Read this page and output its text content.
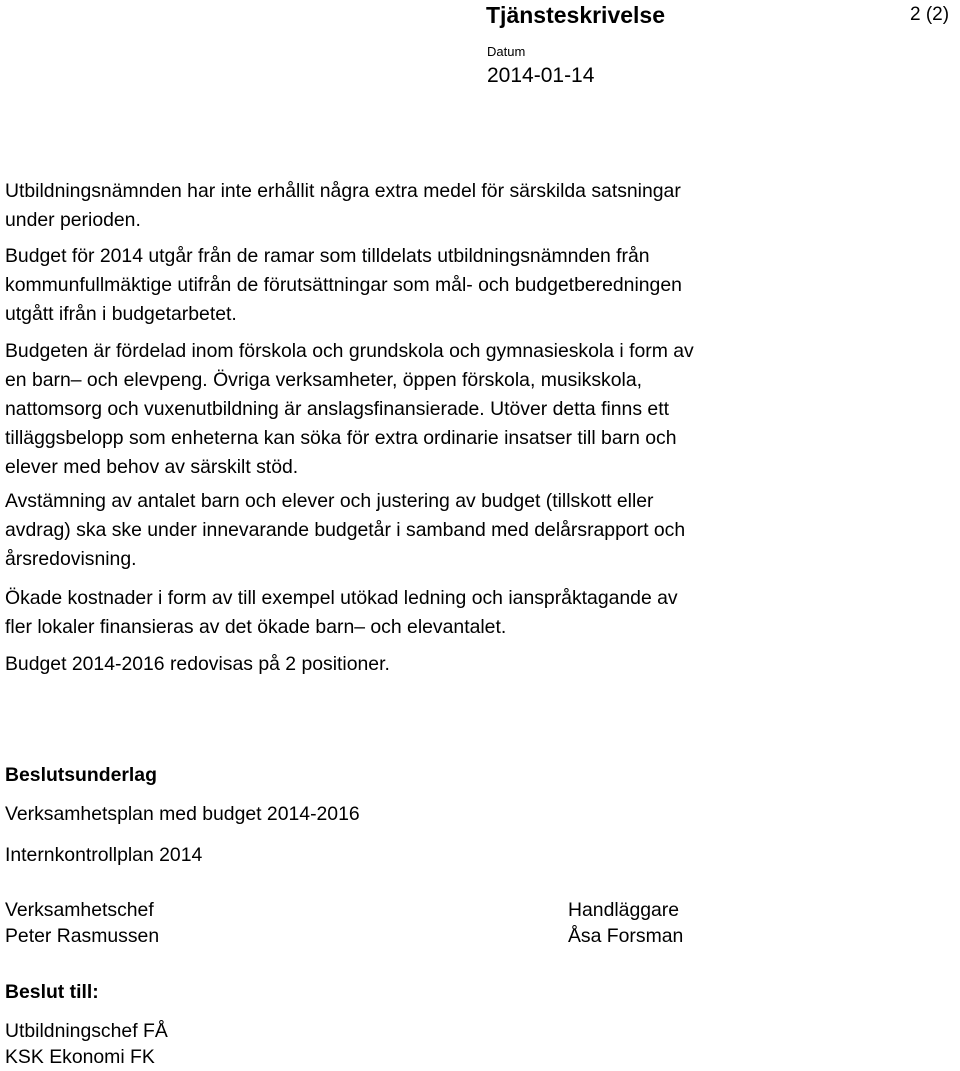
Tjänsteskrivelse	2 (2)
Datum
2014-01-14
Utbildningsnämnden har inte erhållit några extra medel för särskilda satsningar
under perioden.
Budget för 2014 utgår från de ramar som tilldelats utbildningsnämnden från
kommunfullmäktige utifrån de förutsättningar som mål- och budgetberedningen
utgått ifrån i budgetarbetet.
Budgeten är fördelad inom förskola och grundskola och gymnasieskola i form av
en barn– och elevpeng. Övriga verksamheter, öppen förskola, musikskola,
nattomsorg och vuxenutbildning är anslagsfinansierade. Utöver detta finns ett
tilläggsbelopp som enheterna kan söka för extra ordinarie insatser till barn och
elever med behov av särskilt stöd.
Avstämning av antalet barn och elever och justering av budget (tillskott eller
avdrag) ska ske under innevarande budgetår i samband med delårsrapport och
årsredovisning.
Ökade kostnader i form av till exempel utökad ledning och ianspråktagande av
fler lokaler finansieras av det ökade barn– och elevantalet.
Budget 2014-2016 redovisas på 2 positioner.
Beslutsunderlag
Verksamhetsplan med budget 2014-2016
Internkontrollplan 2014
Verksamhetschef
Peter Rasmussen
Handläggare
Åsa Forsman
Beslut till:
Utbildningschef FÅ
KSK Ekonomi FK
